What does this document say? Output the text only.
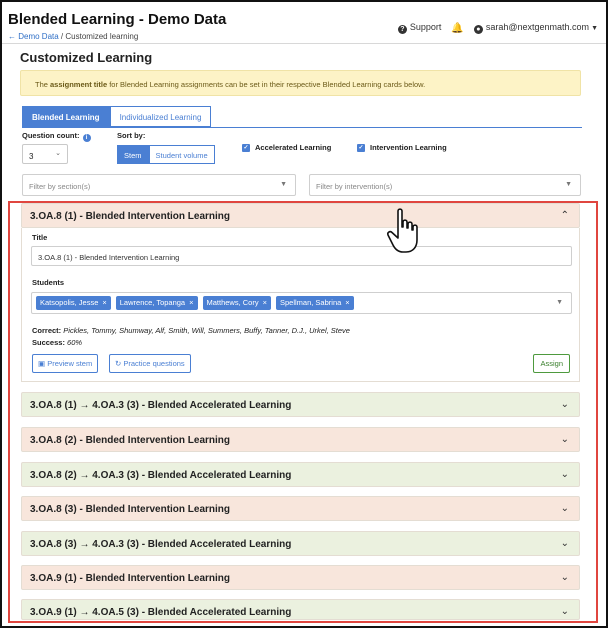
Blended Learning - Demo Data
← Demo Data / Customized learning
? Support 🔔	● sarah@nextgenmath.com ▼
Customized Learning
The assignment title for Blended Learning assignments can be set in their respective Blended Learning cards below.
Blended Learning	Individualized Learning
Question count: i
3	⌄
Sort by:
Stem	Student volume
✓ Accelerated Learning	✓ Intervention Learning
Filter by section(s)	▼	Filter by intervention(s)	▼
3.OA.8 (1) - Blended Intervention Learning	⌃
Title
3.OA.8 (1) - Blended Intervention Learning
Students
Katsopolis, Jesse ×	Lawrence, Topanga ×	Matthews, Cory ×	Spellman, Sabrina ×	▼
Correct: Pickles, Tommy, Shumway, Alf, Smith, Will, Summers, Buffy, Tanner, D.J., Urkel, Steve
Success: 60%
▣ Preview stem	↻ Practice questions	Assign
3.OA.8 (1) → 4.OA.3 (3) - Blended Accelerated Learning	⌄
3.OA.8 (2) - Blended Intervention Learning	⌄
3.OA.8 (2) → 4.OA.3 (3) - Blended Accelerated Learning	⌄
3.OA.8 (3) - Blended Intervention Learning	⌄
3.OA.8 (3) → 4.OA.3 (3) - Blended Accelerated Learning	⌄
3.OA.9 (1) - Blended Intervention Learning	⌄
3.OA.9 (1) → 4.OA.5 (3) - Blended Accelerated Learning	⌄
